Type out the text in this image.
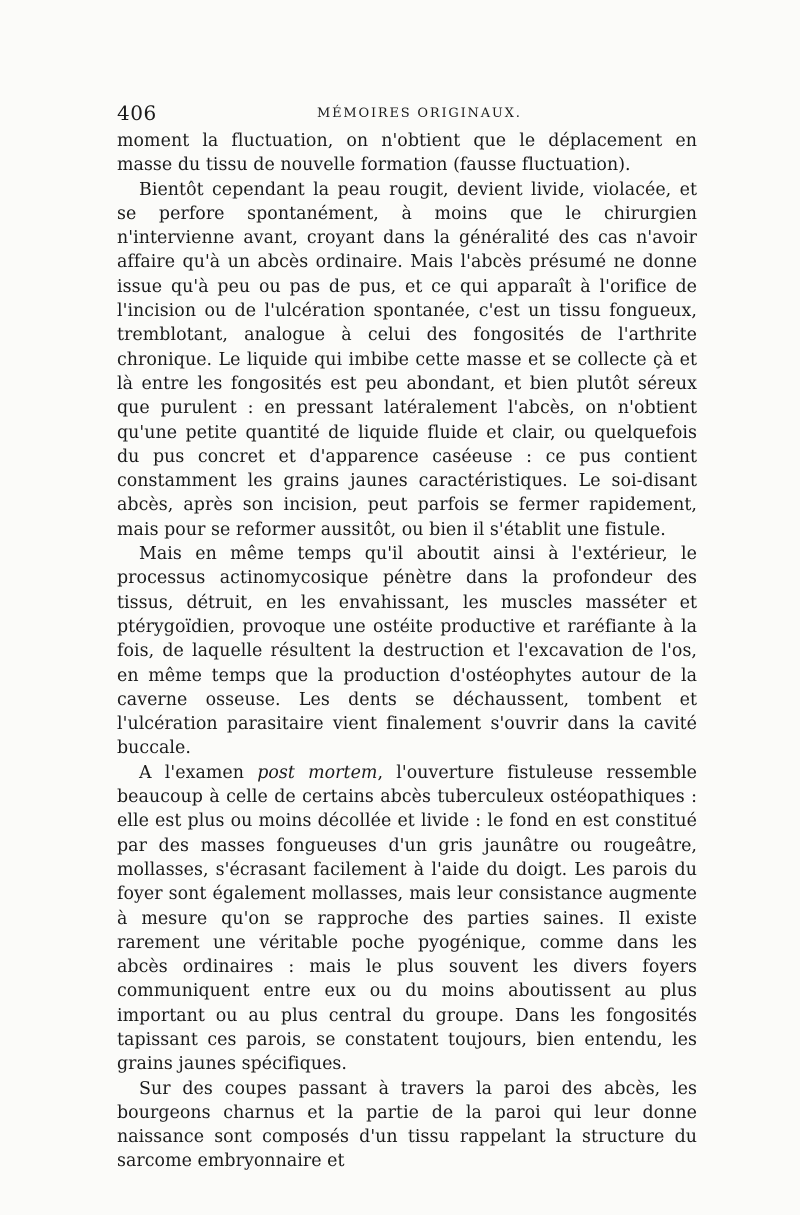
406	MÉMOIRES ORIGINAUX.

moment la fluctuation, on n'obtient que le déplacement en masse du tissu de nouvelle formation (fausse fluctuation).

Bientôt cependant la peau rougit, devient livide, violacée, et se perfore spontanément, à moins que le chirurgien n'intervienne avant, croyant dans la généralité des cas n'avoir affaire qu'à un abcès ordinaire. Mais l'abcès présumé ne donne issue qu'à peu ou pas de pus, et ce qui apparaît à l'orifice de l'incision ou de l'ulcération spontanée, c'est un tissu fongueux, tremblotant, analogue à celui des fongosités de l'arthrite chronique. Le liquide qui imbibe cette masse et se collecte çà et là entre les fongosités est peu abondant, et bien plutôt séreux que purulent : en pressant latéralement l'abcès, on n'obtient qu'une petite quantité de liquide fluide et clair, ou quelquefois du pus concret et d'apparence caséeuse : ce pus contient constamment les grains jaunes caractéristiques. Le soi-disant abcès, après son incision, peut parfois se fermer rapidement, mais pour se reformer aussitôt, ou bien il s'établit une fistule.

Mais en même temps qu'il aboutit ainsi à l'extérieur, le processus actinomycosique pénètre dans la profondeur des tissus, détruit, en les envahissant, les muscles masséter et ptérygoïdien, provoque une ostéite productive et raréfiante à la fois, de laquelle résultent la destruction et l'excavation de l'os, en même temps que la production d'ostéophytes autour de la caverne osseuse. Les dents se déchaussent, tombent et l'ulcération parasitaire vient finalement s'ouvrir dans la cavité buccale.

A l'examen post mortem, l'ouverture fistuleuse ressemble beaucoup à celle de certains abcès tuberculeux ostéopathiques : elle est plus ou moins décollée et livide : le fond en est constitué par des masses fongueuses d'un gris jaunâtre ou rougeâtre, mollasses, s'écrasant facilement à l'aide du doigt. Les parois du foyer sont également mollasses, mais leur consistance augmente à mesure qu'on se rapproche des parties saines. Il existe rarement une véritable poche pyogénique, comme dans les abcès ordinaires : mais le plus souvent les divers foyers communiquent entre eux ou du moins aboutissent au plus important ou au plus central du groupe. Dans les fongosités tapissant ces parois, se constatent toujours, bien entendu, les grains jaunes spécifiques.

Sur des coupes passant à travers la paroi des abcès, les bourgeons charnus et la partie de la paroi qui leur donne naissance sont composés d'un tissu rappelant la structure du sarcome embryonnaire et
